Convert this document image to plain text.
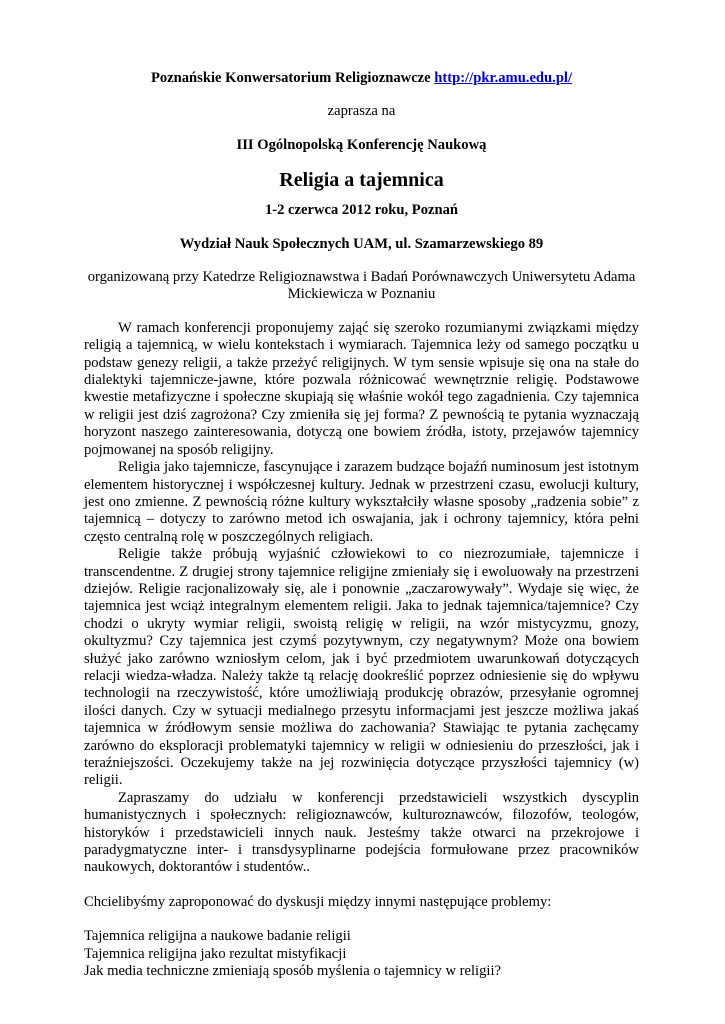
Poznańskie Konwersatorium Religioznawcze http://pkr.amu.edu.pl/
zaprasza na
III Ogólnopolską Konferencję Naukową
Religia a tajemnica
1-2 czerwca 2012 roku, Poznań
Wydział Nauk Społecznych UAM, ul. Szamarzewskiego 89
organizowaną przy Katedrze Religioznawstwa i Badań Porównawczych Uniwersytetu Adama Mickiewicza w Poznaniu

W ramach konferencji proponujemy zająć się szeroko rozumianymi związkami między religią a tajemnicą, w wielu kontekstach i wymiarach. Tajemnica leży od samego początku u podstaw genezy religii, a także przeżyć religijnych. W tym sensie wpisuje się ona na stałe do dialektyki tajemnicze-jawne, które pozwala różnicować wewnętrznie religię. Podstawowe kwestie metafizyczne i społeczne skupiają się właśnie wokół tego zagadnienia. Czy tajemnica w religii jest dziś zagrożona? Czy zmieniła się jej forma? Z pewnością te pytania wyznaczają horyzont naszego zainteresowania, dotyczą one bowiem źródła, istoty, przejawów tajemnicy pojmowanej na sposób religijny.

Religia jako tajemnicze, fascynujące i zarazem budzące bojaźń numinosum jest istotnym elementem historycznej i współczesnej kultury. Jednak w przestrzeni czasu, ewolucji kultury, jest ono zmienne. Z pewnością różne kultury wykształciły własne sposoby „radzenia sobie” z tajemnicą – dotyczy to zarówno metod ich oswajania, jak i ochrony tajemnicy, która pełni często centralną rolę w poszczególnych religiach.

Religie także próbują wyjaśnić człowiekowi to co niezrozumiałe, tajemnicze i transcendentne. Z drugiej strony tajemnice religijne zmieniały się i ewoluowały na przestrzeni dziejów. Religie racjonalizowały się, ale i ponownie „zaczarowywały”. Wydaje się więc, że tajemnica jest wciąż integralnym elementem religii. Jaka to jednak tajemnica/tajemnice? Czy chodzi o ukryty wymiar religii, swoistą religię w religii, na wzór mistycyzmu, gnozy, okultyzmu? Czy tajemnica jest czymś pozytywnym, czy negatywnym? Może ona bowiem służyć jako zarówno wzniosłym celom, jak i być przedmiotem uwarunkowań dotyczących relacji wiedza-władza. Należy także tą relację dookreślić poprzez odniesienie się do wpływu technologii na rzeczywistość, które umożliwiają produkcję obrazów, przesyłanie ogromnej ilości danych. Czy w sytuacji medialnego przesytu informacjami jest jeszcze możliwa jakaś tajemnica w źródłowym sensie możliwa do zachowania? Stawiając te pytania zachęcamy zarówno do eksploracji problematyki tajemnicy w religii w odniesieniu do przeszłości, jak i teraźniejszości. Oczekujemy także na jej rozwinięcia dotyczące przyszłości tajemnicy (w) religii.

Zapraszamy do udziału w konferencji przedstawicieli wszystkich dyscyplin humanistycznych i społecznych: religioznawców, kulturoznawców, filozofów, teologów, historyków i przedstawicieli innych nauk. Jesteśmy także otwarci na przekrojowe i paradygmatyczne inter- i transdysyplinarne podejścia formułowane przez pracowników naukowych, doktorantów i studentów..

Chcielibyśmy zaproponować do dyskusji między innymi następujące problemy:
Tajemnica religijna a naukowe badanie religii
Tajemnica religijna jako rezultat mistyfikacji
Jak media techniczne zmieniają sposób myślenia o tajemnicy w religii?
